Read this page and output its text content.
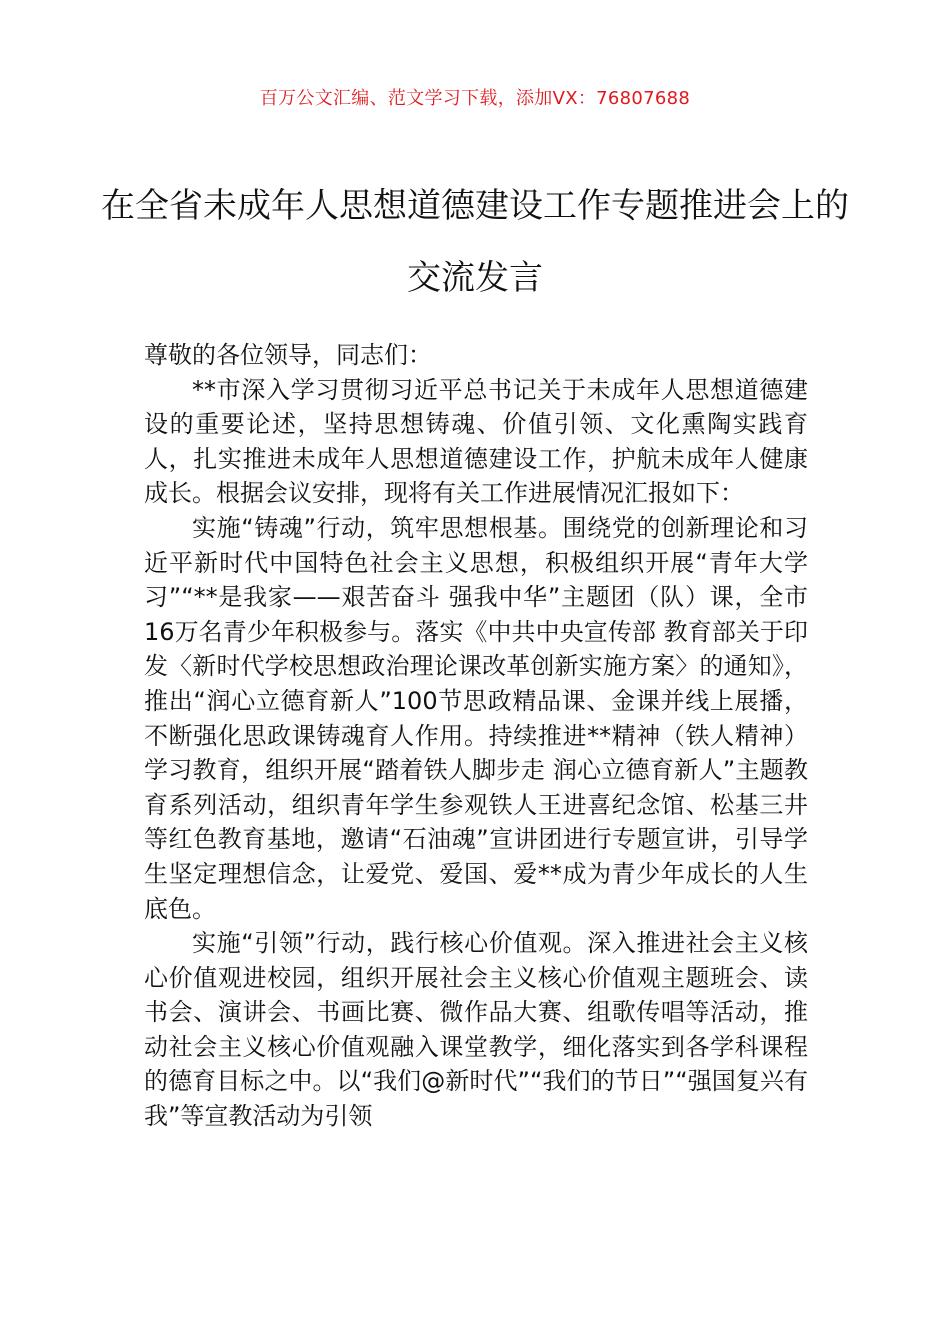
百万公文汇编、范文学习下载，添加VX：76807688
在全省未成年人思想道德建设工作专题推进会上的交流发言

尊敬的各位领导，同志们：

**市深入学习贯彻习近平总书记关于未成年人思想道德建设的重要论述，坚持思想铸魂、价值引领、文化熏陶实践育人，扎实推进未成年人思想道德建设工作，护航未成年人健康成长。根据会议安排，现将有关工作进展情况汇报如下：

实施“铸魂”行动，筑牢思想根基。围绕党的创新理论和习近平新时代中国特色社会主义思想，积极组织开展“青年大学习”“**是我家——艰苦奋斗 强我中华”主题团（队）课，全市16万名青少年积极参与。落实《中共中央宣传部 教育部关于印发〈新时代学校思想政治理论课改革创新实施方案〉的通知》，推出“润心立德育新人”100节思政精品课、金课并线上展播，不断强化思政课铸魂育人作用。持续推进**精神（铁人精神）学习教育，组织开展“踏着铁人脚步走 润心立德育新人”主题教育系列活动，组织青年学生参观铁人王进喜纪念馆、松基三井等红色教育基地，邀请“石油魂”宣讲团进行专题宣讲，引导学生坚定理想信念，让爱党、爱国、爱**成为青少年成长的人生底色。

实施“引领”行动，践行核心价值观。深入推进社会主义核心价值观进校园，组织开展社会主义核心价值观主题班会、读书会、演讲会、书画比赛、微作品大赛、组歌传唱等活动，推动社会主义核心价值观融入课堂教学，细化落实到各学科课程的德育目标之中。以“我们@新时代”“我们的节日”“强国复兴有我”等宣教活动为引领
